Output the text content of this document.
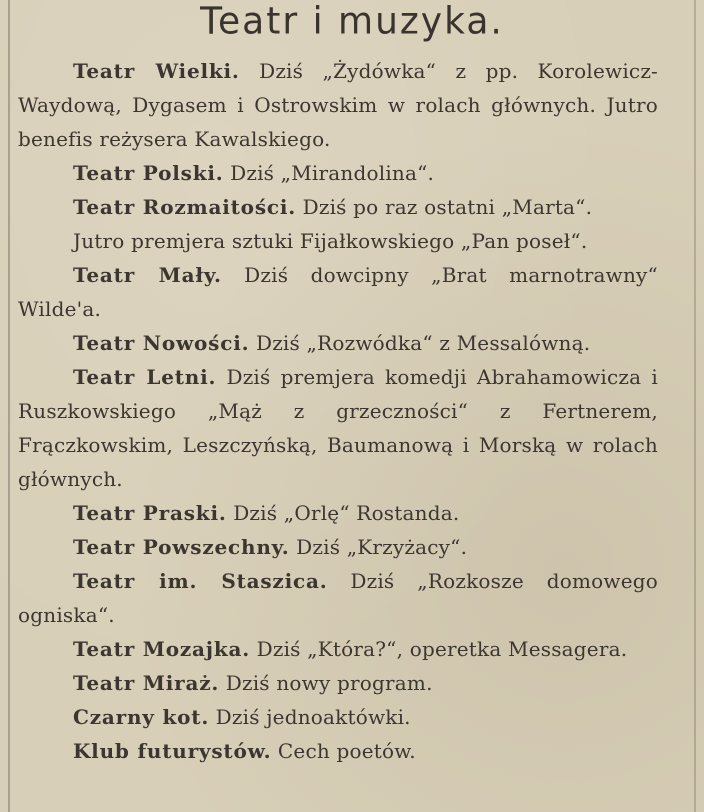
Teatr i muzyka.

Teatr Wielki. Dziś „Żydówka“ z pp. Korolewicz-Waydową, Dygasem i Ostrowskim w rolach głównych. Jutro benefis reżysera Kawalskiego.

Teatr Polski. Dziś „Mirandolina“.

Teatr Rozmaitości. Dziś po raz ostatni „Marta“.

Jutro premjera sztuki Fijałkowskiego „Pan poseł“.

Teatr Mały. Dziś dowcipny „Brat marnotrawny“ Wilde'a.

Teatr Nowości. Dziś „Rozwódka“ z Messalówną.

Teatr Letni. Dziś premjera komedji Abrahamowicza i Ruszkowskiego „Mąż z grzeczności“ z Fertnerem, Frączkowskim, Leszczyńską, Baumanową i Morską w rolach głównych.

Teatr Praski. Dziś „Orlę“ Rostanda.

Teatr Powszechny. Dziś „Krzyżacy“.

Teatr im. Staszica. Dziś „Rozkosze domowego ogniska“.

Teatr Mozajka. Dziś „Która?“, operetka Messagera.

Teatr Miraż. Dziś nowy program.

Czarny kot. Dziś jednoaktówki.

Klub futurystów. Cech poetów.
